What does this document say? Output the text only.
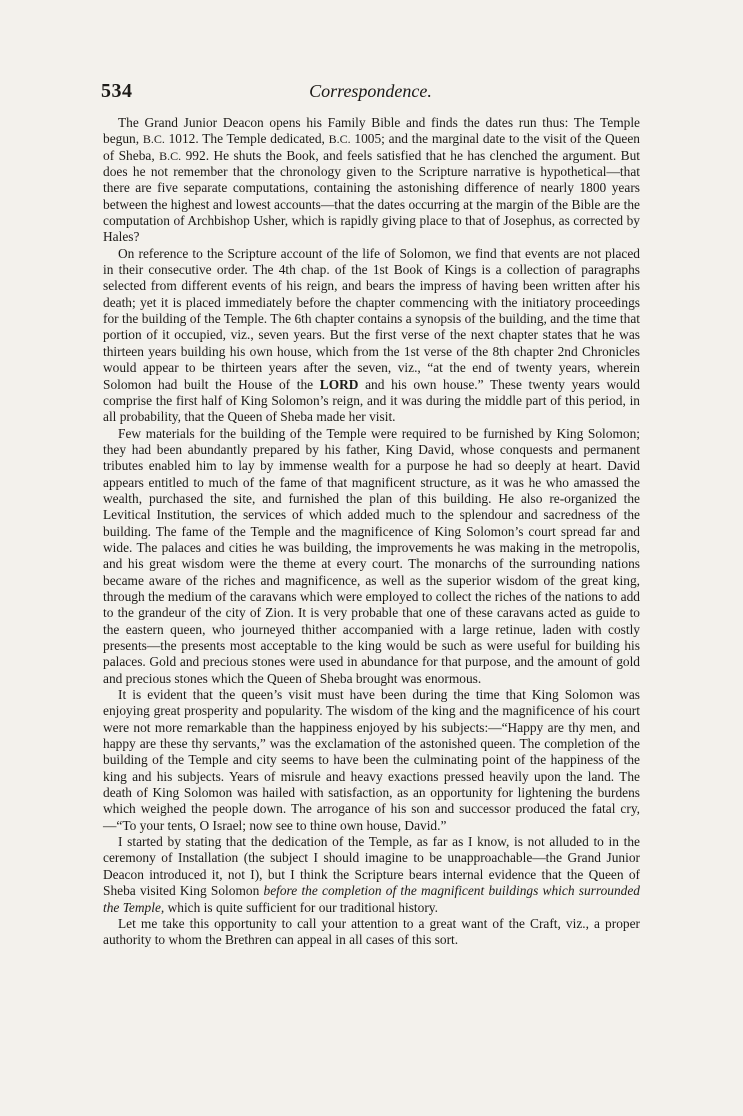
534	Correspondence.

The Grand Junior Deacon opens his Family Bible and finds the dates run thus: The Temple begun, B.C. 1012. The Temple dedicated, B.C. 1005; and the marginal date to the visit of the Queen of Sheba, B.C. 992. He shuts the Book, and feels satisfied that he has clenched the argument. But does he not remember that the chronology given to the Scripture narrative is hypothetical—that there are five separate computations, containing the astonishing difference of nearly 1800 years between the highest and lowest accounts—that the dates occurring at the margin of the Bible are the computation of Archbishop Usher, which is rapidly giving place to that of Josephus, as corrected by Hales?

On reference to the Scripture account of the life of Solomon, we find that events are not placed in their consecutive order. The 4th chap. of the 1st Book of Kings is a collection of paragraphs selected from different events of his reign, and bears the impress of having been written after his death; yet it is placed immediately before the chapter commencing with the initiatory proceedings for the building of the Temple. The 6th chapter contains a synopsis of the building, and the time that portion of it occupied, viz., seven years. But the first verse of the next chapter states that he was thirteen years building his own house, which from the 1st verse of the 8th chapter 2nd Chronicles would appear to be thirteen years after the seven, viz., “at the end of twenty years, wherein Solomon had built the House of the LORD and his own house.” These twenty years would comprise the first half of King Solomon’s reign, and it was during the middle part of this period, in all probability, that the Queen of Sheba made her visit.

Few materials for the building of the Temple were required to be furnished by King Solomon; they had been abundantly prepared by his father, King David, whose conquests and permanent tributes enabled him to lay by immense wealth for a purpose he had so deeply at heart. David appears entitled to much of the fame of that magnificent structure, as it was he who amassed the wealth, purchased the site, and furnished the plan of this building. He also re-organized the Levitical Institution, the services of which added much to the splendour and sacredness of the building. The fame of the Temple and the magnificence of King Solomon’s court spread far and wide. The palaces and cities he was building, the improvements he was making in the metropolis, and his great wisdom were the theme at every court. The monarchs of the surrounding nations became aware of the riches and magnificence, as well as the superior wisdom of the great king, through the medium of the caravans which were employed to collect the riches of the nations to add to the grandeur of the city of Zion. It is very probable that one of these caravans acted as guide to the eastern queen, who journeyed thither accompanied with a large retinue, laden with costly presents—the presents most acceptable to the king would be such as were useful for building his palaces. Gold and precious stones were used in abundance for that purpose, and the amount of gold and precious stones which the Queen of Sheba brought was enormous.

It is evident that the queen’s visit must have been during the time that King Solomon was enjoying great prosperity and popularity. The wisdom of the king and the magnificence of his court were not more remarkable than the happiness enjoyed by his subjects:—“Happy are thy men, and happy are these thy servants,” was the exclamation of the astonished queen. The completion of the building of the Temple and city seems to have been the culminating point of the happiness of the king and his subjects. Years of misrule and heavy exactions pressed heavily upon the land. The death of King Solomon was hailed with satisfaction, as an opportunity for lightening the burdens which weighed the people down. The arrogance of his son and successor produced the fatal cry,—“To your tents, O Israel; now see to thine own house, David.”

I started by stating that the dedication of the Temple, as far as I know, is not alluded to in the ceremony of Installation (the subject I should imagine to be unapproachable—the Grand Junior Deacon introduced it, not I), but I think the Scripture bears internal evidence that the Queen of Sheba visited King Solomon before the completion of the magnificent buildings which surrounded the Temple, which is quite sufficient for our traditional history.

Let me take this opportunity to call your attention to a great want of the Craft, viz., a proper authority to whom the Brethren can appeal in all cases of this sort.
